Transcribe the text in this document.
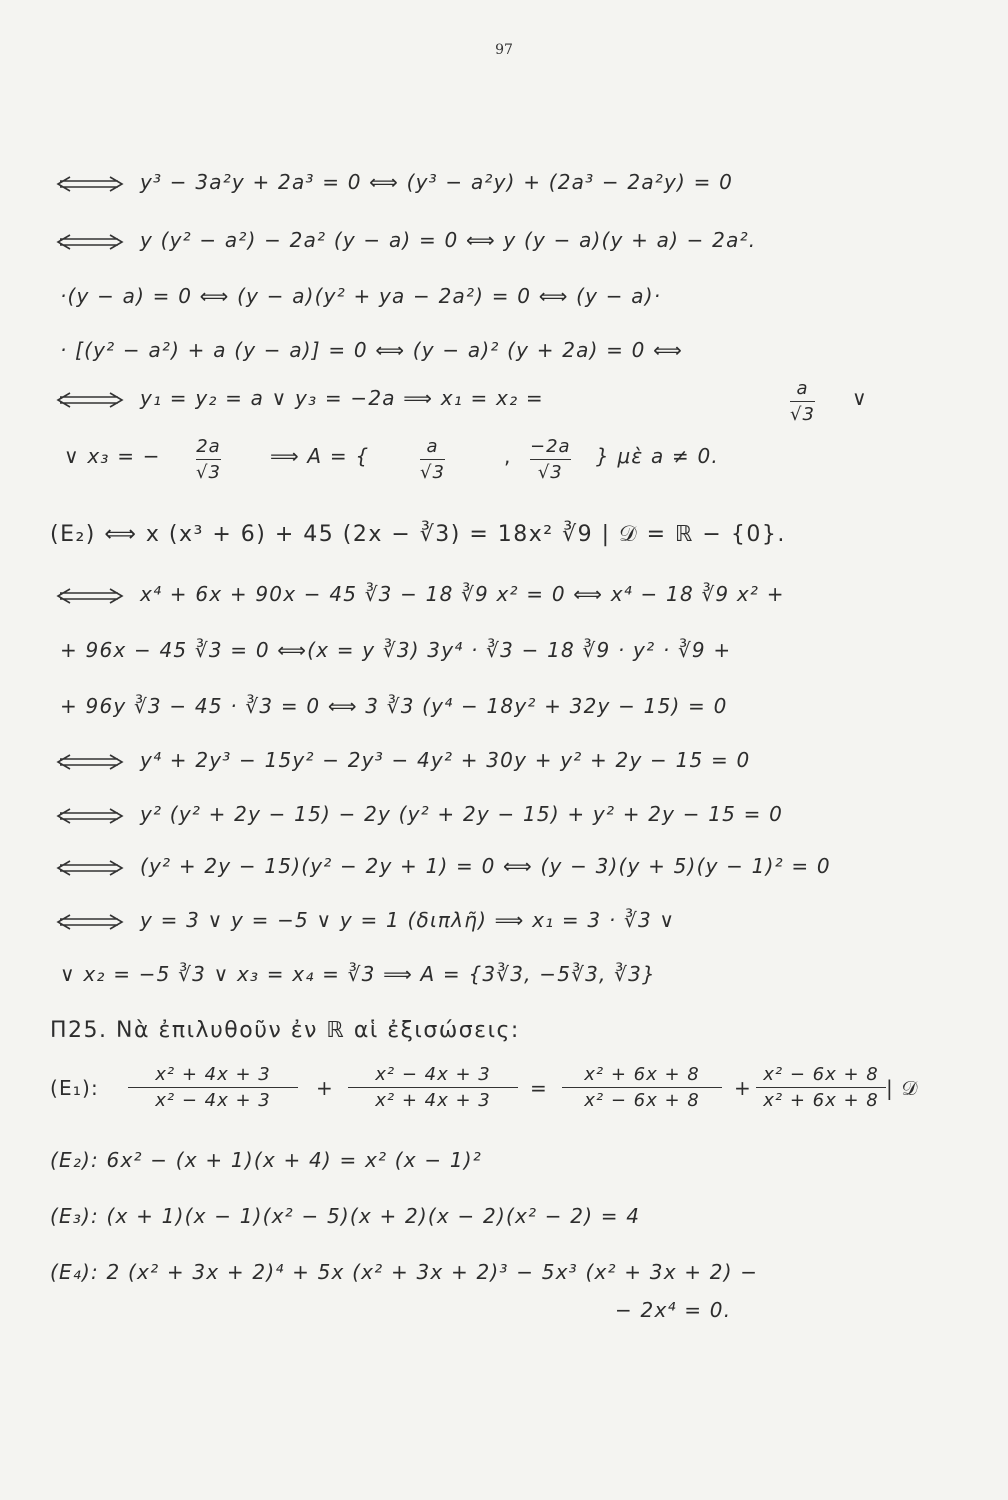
97
y³ − 3a²y + 2a³ = 0 ⟺ (y³ − a²y) + (2a³ − 2a²y) = 0
y (y² − a²) − 2a² (y − a) = 0 ⟺ y (y − a)(y + a) − 2a².
·(y − a) = 0 ⟺ (y − a)(y² + ya − 2a²) = 0 ⟺ (y − a)·
· [(y² − a²) + a (y − a)] = 0 ⟺ (y − a)² (y + 2a) = 0 ⟺
y₁ = y₂ = a ∨ y₃ = −2a ⟹ x₁ = x₂ =	a
√3
∨
∨ x₃ = − 2a
√3
⟹ A = {	a
√3
, −2a
√3
} μὲ a ≠ 0.
(E₂) ⟺ x (x³ + 6) + 45 (2x − ∛3) = 18x² ∛9 | 𝒟 = ℝ − {0}.
x⁴ + 6x + 90x − 45 ∛3 − 18 ∛9 x² = 0 ⟺ x⁴ − 18 ∛9 x² +
+ 96x − 45 ∛3 = 0 ⟺(x = y ∛3) 3y⁴ · ∛3 − 18 ∛9 · y² · ∛9 +
+ 96y ∛3 − 45 · ∛3 = 0 ⟺ 3 ∛3 (y⁴ − 18y² + 32y − 15) = 0
y⁴ + 2y³ − 15y² − 2y³ − 4y² + 30y + y² + 2y − 15 = 0
y² (y² + 2y − 15) − 2y (y² + 2y − 15) + y² + 2y − 15 = 0
(y² + 2y − 15)(y² − 2y + 1) = 0 ⟺ (y − 3)(y + 5)(y − 1)² = 0
y = 3 ∨ y = −5 ∨ y = 1 (διπλῆ) ⟹ x₁ = 3 · ∛3 ∨
∨ x₂ = −5 ∛3 ∨ x₃ = x₄ = ∛3 ⟹ A = {3∛3, −5∛3, ∛3}
Π25. Νὰ ἐπιλυθοῦν ἐν ℝ αἱ ἐξισώσεις:
(E₁):
x² + 4x + 3
x² − 4x + 3
+
x² − 4x + 3
x² + 4x + 3
=
x² + 6x + 8
x² − 6x + 8
+
x² − 6x + 8
x² + 6x + 8
| 𝒟
(E₂): 6x² − (x + 1)(x + 4) = x² (x − 1)²
(E₃): (x + 1)(x − 1)(x² − 5)(x + 2)(x − 2)(x² − 2) = 4
(E₄): 2 (x² + 3x + 2)⁴ + 5x (x² + 3x + 2)³ − 5x³ (x² + 3x + 2) −
− 2x⁴ = 0.
